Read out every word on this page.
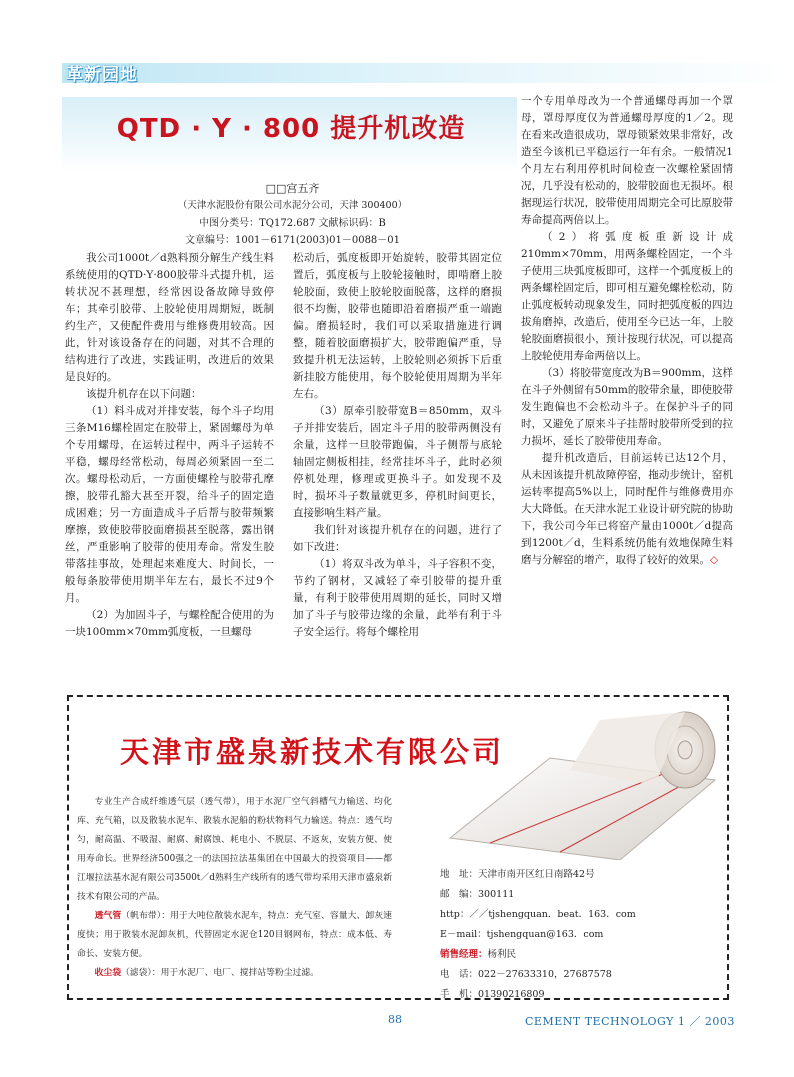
革新园地
QTD · Y · 800 提升机改造
□□宫五齐
（天津水泥股份有限公司水泥分公司，天津 300400）
中图分类号：TQ172.687 文献标识码：B
文章编号：1001－6171(2003)01－0088－01

我公司1000t／d熟料预分解生产线生料系统使用的QTD·Y·800胶带斗式提升机，运转状况不甚理想，经常因设备故障导致停车；其牵引胶带、上胶轮使用周期短，既制约生产，又使配件费用与维修费用较高。因此，针对该设备存在的问题，对其不合理的结构进行了改进，实践证明，改进后的效果是良好的。

该提升机存在以下问题：

（1）料斗成对并排安装，每个斗子均用三条M16螺栓固定在胶带上，紧固螺母为单个专用螺母，在运转过程中，两斗子运转不平稳，螺母经常松动，每周必须紧固一至二次。螺母松动后，一方面使螺栓与胶带孔摩擦，胶带孔豁大甚至开裂，给斗子的固定造成困难；另一方面造成斗子后帮与胶带频繁摩擦，致使胶带胶面磨损甚至脱落，露出钢丝，严重影响了胶带的使用寿命。常发生胶带落挂事故，处理起来难度大、时间长，一般每条胶带使用期半年左右，最长不过9个月。

（2）为加固斗子，与螺栓配合使用的为一块100mm×70mm弧度板，一旦螺母

松动后，弧度板即开始旋转，胶带其固定位置后，弧度板与上胶轮接触时，即啃磨上胶轮胶面，致使上胶轮胶面脱落，这样的磨损很不均衡，胶带也随即沿着磨损严重一端跑偏。磨损轻时，我们可以采取措施进行调整，随着胶面磨损扩大，胶带跑偏严重，导致提升机无法运转，上胶轮则必须拆下后重新挂胶方能使用，每个胶轮使用周期为半年左右。

（3）原牵引胶带宽B＝850mm，双斗子并排安装后，固定斗子用的胶带两侧没有余量，这样一旦胶带跑偏，斗子侧帮与底轮轴固定侧板相挂，经常挂坏斗子，此时必须停机处理，修理或更换斗子。如发现不及时，损坏斗子数量就更多，停机时间更长，直接影响生料产量。

我们针对该提升机存在的问题，进行了如下改进：

（1）将双斗改为单斗，斗子容积不变，节约了钢材，又减轻了牵引胶带的提升重量，有利于胶带使用周期的延长，同时又增加了斗子与胶带边缘的余量，此举有利于斗子安全运行。将每个螺栓用

一个专用单母改为一个普通螺母再加一个罩母，罩母厚度仅为普通螺母厚度的1／2。现在看来改造很成功，罩母锁紧效果非常好，改造至今该机已平稳运行一年有余。一般情况1个月左右利用停机时间检查一次螺栓紧固情况，几乎没有松动的，胶带胶面也无损坏。根据现运行状况，胶带使用周期完全可比原胶带寿命提高两倍以上。

（2）将弧度板重新设计成210mm×70mm，用两条螺栓固定，一个斗子使用三块弧度板即可，这样一个弧度板上的两条螺栓固定后，即可相互避免螺栓松动，防止弧度板转动现象发生，同时把弧度板的四边拔角磨掉，改造后，使用至今已达一年，上胶轮胶面磨损很小，预计按现行状况，可以提高上胶轮使用寿命两倍以上。

（3）将胶带宽度改为B＝900mm，这样在斗子外侧留有50mm的胶带余量，即使胶带发生跑偏也不会松动斗子。在保护斗子的同时，又避免了原来斗子挂帮时胶带所受到的拉力损坏，延长了胶带使用寿命。

提升机改造后，目前运转已达12个月，从未因该提升机故障停窑，拖动步统计，窑机运转率提高5%以上，同时配件与维修费用亦大大降低。在天津水泥工业设计研究院的协助下，我公司今年已将窑产量由1000t／d提高到1200t／d，生料系统仍能有效地保障生料磨与分解窑的增产，取得了较好的效果。◇

天津市盛泉新技术有限公司

专业生产合成纤维透气层（透气带），用于水泥厂空气斜槽气力输送、均化库、充气箱，以及散装水泥车、散装水泥船的粉状物料气力输送。特点：透气均匀，耐高温、不吸湿、耐腐、耐腐蚀、耗电小、不脱层、不返灰，安装方便、使用寿命长。世界经济500强之一的法国拉法基集团在中国最大的投资项目——都江堰拉法基水泥有限公司3500t／d熟料生产线所有的透气带均采用天津市盛泉新技术有限公司的产品。

透气管（帆布带）：用于大吨位散装水泥车，特点：充气室、容量大、卸灰速度快；用于散装水泥卸灰机，代替固定水泥仓120目钢网布，特点：成本低、寿命长、安装方便。

收尘袋（滤袋）：用于水泥厂、电厂、搅拌站等粉尘过滤。

地　址：天津市南开区红日南路42号
邮　编：300111
http：／／tjshengquan．beat．163．com
E－mail：tjshengquan@163．com
销售经理：杨利民
电　话：022－27633310，27687578
手　机：01390216809
88	CEMENT TECHNOLOGY 1 ／ 2003
